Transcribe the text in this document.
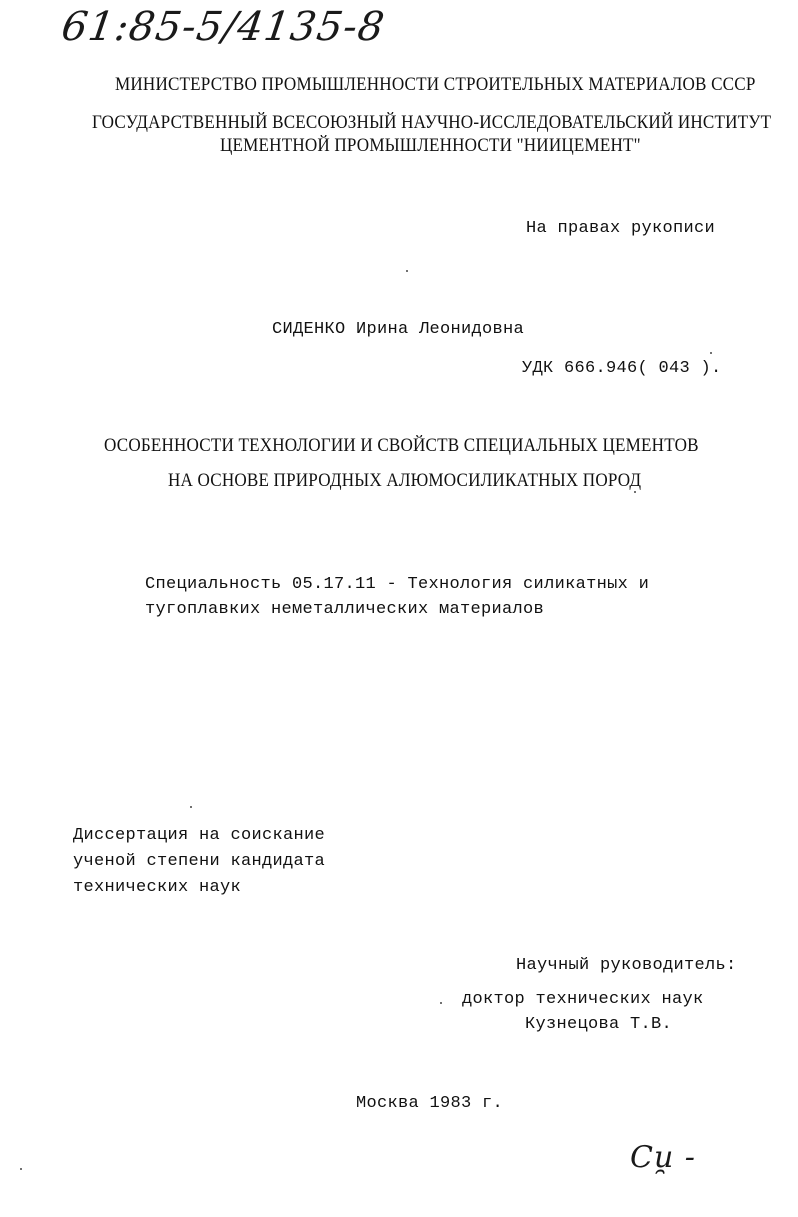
61:85-5/4135-8
МИНИСТЕРСТВО ПРОМЫШЛЕННОСТИ СТРОИТЕЛЬНЫХ МАТЕРИАЛОВ СССР
ГОСУДАРСТВЕННЫЙ ВСЕСОЮЗНЫЙ НАУЧНО-ИССЛЕДОВАТЕЛЬСКИЙ ИНСТИТУТ
ЦЕМЕНТНОЙ ПРОМЫШЛЕННОСТИ "НИИЦЕМЕНТ"
На правах рукописи
СИДЕНКО Ирина Леонидовна
УДК 666.946( 043 ).
ОСОБЕННОСТИ ТЕХНОЛОГИИ И СВОЙСТВ СПЕЦИАЛЬНЫХ ЦЕМЕНТОВ
НА ОСНОВЕ ПРИРОДНЫХ АЛЮМОСИЛИКАТНЫХ ПОРОД
Специальность 05.17.11 - Технология силикатных и
тугоплавких неметаллических материалов
Диссертация на соискание
ученой степени кандидата
технических наук
Научный руководитель:
доктор технических наук
Кузнецова Т.В.
Москва 1983 г.
Си̯ -
